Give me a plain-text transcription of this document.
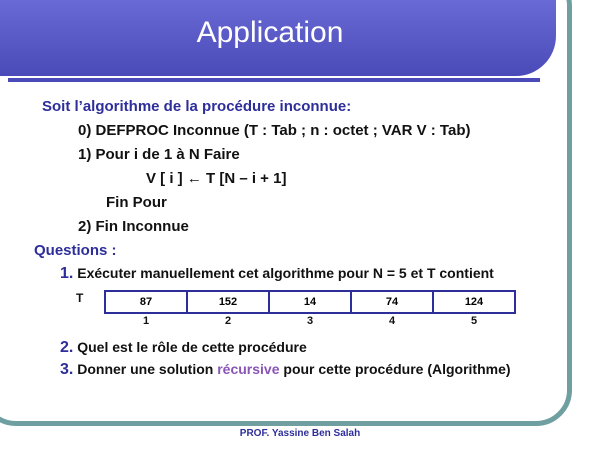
Application
Soit l’algorithme de la procédure inconnue:
0) DEFPROC Inconnue (T : Tab ; n : octet ; VAR V : Tab)
1) Pour i de 1 à N Faire
V [ i ] ← T [N – i + 1]
Fin Pour
2) Fin Inconnue
Questions :
1. Exécuter manuellement cet algorithme pour N = 5 et T contient
T	87	152	14	74	124
1	2	3	4	5
2. Quel est le rôle de cette procédure
3. Donner une solution récursive pour cette procédure (Algorithme)
PROF. Yassine Ben Salah
